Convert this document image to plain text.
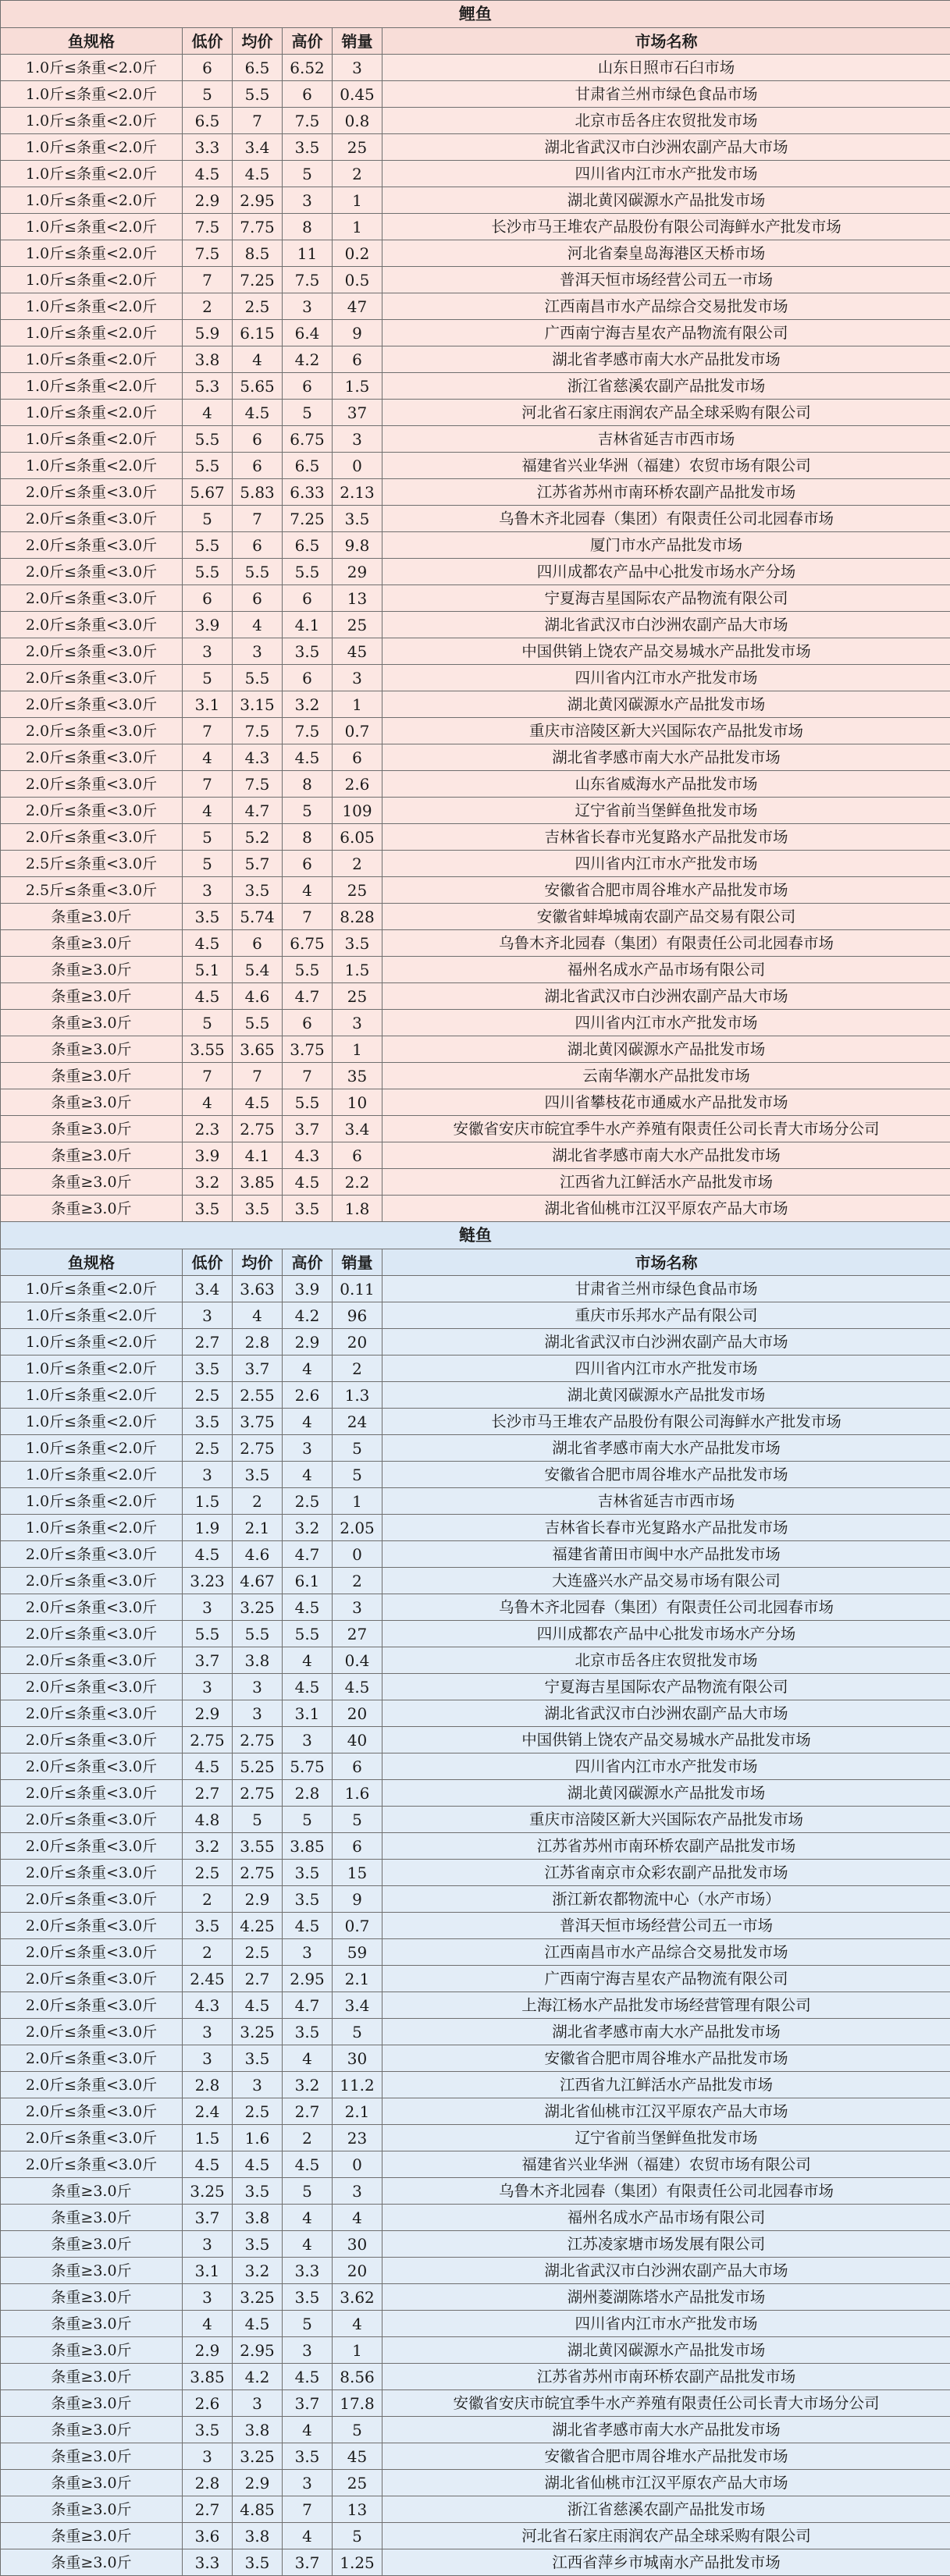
鲤鱼					
鱼规格	低价	均价	高价	销量	市场名称
1.0斤≤条重<2.0斤	6	6.5	6.52	3	山东日照市石臼市场
1.0斤≤条重<2.0斤	5	5.5	6	0.45	甘肃省兰州市绿色食品市场
1.0斤≤条重<2.0斤	6.5	7	7.5	0.8	北京市岳各庄农贸批发市场
1.0斤≤条重<2.0斤	3.3	3.4	3.5	25	湖北省武汉市白沙洲农副产品大市场
1.0斤≤条重<2.0斤	4.5	4.5	5	2	四川省内江市水产批发市场
1.0斤≤条重<2.0斤	2.9	2.95	3	1	湖北黄冈碳源水产品批发市场
1.0斤≤条重<2.0斤	7.5	7.75	8	1	长沙市马王堆农产品股份有限公司海鲜水产批发市场
1.0斤≤条重<2.0斤	7.5	8.5	11	0.2	河北省秦皇岛海港区天桥市场
1.0斤≤条重<2.0斤	7	7.25	7.5	0.5	普洱天恒市场经营公司五一市场
1.0斤≤条重<2.0斤	2	2.5	3	47	江西南昌市水产品综合交易批发市场
1.0斤≤条重<2.0斤	5.9	6.15	6.4	9	广西南宁海吉星农产品物流有限公司
1.0斤≤条重<2.0斤	3.8	4	4.2	6	湖北省孝感市南大水产品批发市场
1.0斤≤条重<2.0斤	5.3	5.65	6	1.5	浙江省慈溪农副产品批发市场
1.0斤≤条重<2.0斤	4	4.5	5	37	河北省石家庄雨润农产品全球采购有限公司
1.0斤≤条重<2.0斤	5.5	6	6.75	3	吉林省延吉市西市场
1.0斤≤条重<2.0斤	5.5	6	6.5	0	福建省兴业华洲（福建）农贸市场有限公司
2.0斤≤条重<3.0斤	5.67	5.83	6.33	2.13	江苏省苏州市南环桥农副产品批发市场
2.0斤≤条重<3.0斤	5	7	7.25	3.5	乌鲁木齐北园春（集团）有限责任公司北园春市场
2.0斤≤条重<3.0斤	5.5	6	6.5	9.8	厦门市水产品批发市场
2.0斤≤条重<3.0斤	5.5	5.5	5.5	29	四川成都农产品中心批发市场水产分场
2.0斤≤条重<3.0斤	6	6	6	13	宁夏海吉星国际农产品物流有限公司
2.0斤≤条重<3.0斤	3.9	4	4.1	25	湖北省武汉市白沙洲农副产品大市场
2.0斤≤条重<3.0斤	3	3	3.5	45	中国供销上饶农产品交易城水产品批发市场
2.0斤≤条重<3.0斤	5	5.5	6	3	四川省内江市水产批发市场
2.0斤≤条重<3.0斤	3.1	3.15	3.2	1	湖北黄冈碳源水产品批发市场
2.0斤≤条重<3.0斤	7	7.5	7.5	0.7	重庆市涪陵区新大兴国际农产品批发市场
2.0斤≤条重<3.0斤	4	4.3	4.5	6	湖北省孝感市南大水产品批发市场
2.0斤≤条重<3.0斤	7	7.5	8	2.6	山东省威海水产品批发市场
2.0斤≤条重<3.0斤	4	4.7	5	109	辽宁省前当堡鲜鱼批发市场
2.0斤≤条重<3.0斤	5	5.2	8	6.05	吉林省长春市光复路水产品批发市场
2.5斤≤条重<3.0斤	5	5.7	6	2	四川省内江市水产批发市场
2.5斤≤条重<3.0斤	3	3.5	4	25	安徽省合肥市周谷堆水产品批发市场
条重≥3.0斤	3.5	5.74	7	8.28	安徽省蚌埠城南农副产品交易有限公司
条重≥3.0斤	4.5	6	6.75	3.5	乌鲁木齐北园春（集团）有限责任公司北园春市场
条重≥3.0斤	5.1	5.4	5.5	1.5	福州名成水产品市场有限公司
条重≥3.0斤	4.5	4.6	4.7	25	湖北省武汉市白沙洲农副产品大市场
条重≥3.0斤	5	5.5	6	3	四川省内江市水产批发市场
条重≥3.0斤	3.55	3.65	3.75	1	湖北黄冈碳源水产品批发市场
条重≥3.0斤	7	7	7	35	云南华潮水产品批发市场
条重≥3.0斤	4	4.5	5.5	10	四川省攀枝花市通威水产品批发市场
条重≥3.0斤	2.3	2.75	3.7	3.4	安徽省安庆市皖宜季牛水产养殖有限责任公司长青大市场分公司
条重≥3.0斤	3.9	4.1	4.3	6	湖北省孝感市南大水产品批发市场
条重≥3.0斤	3.2	3.85	4.5	2.2	江西省九江鲜活水产品批发市场
条重≥3.0斤	3.5	3.5	3.5	1.8	湖北省仙桃市江汉平原农产品大市场
鲢鱼					
鱼规格	低价	均价	高价	销量	市场名称
1.0斤≤条重<2.0斤	3.4	3.63	3.9	0.11	甘肃省兰州市绿色食品市场
1.0斤≤条重<2.0斤	3	4	4.2	96	重庆市乐邦水产品有限公司
1.0斤≤条重<2.0斤	2.7	2.8	2.9	20	湖北省武汉市白沙洲农副产品大市场
1.0斤≤条重<2.0斤	3.5	3.7	4	2	四川省内江市水产批发市场
1.0斤≤条重<2.0斤	2.5	2.55	2.6	1.3	湖北黄冈碳源水产品批发市场
1.0斤≤条重<2.0斤	3.5	3.75	4	24	长沙市马王堆农产品股份有限公司海鲜水产批发市场
1.0斤≤条重<2.0斤	2.5	2.75	3	5	湖北省孝感市南大水产品批发市场
1.0斤≤条重<2.0斤	3	3.5	4	5	安徽省合肥市周谷堆水产品批发市场
1.0斤≤条重<2.0斤	1.5	2	2.5	1	吉林省延吉市西市场
1.0斤≤条重<2.0斤	1.9	2.1	3.2	2.05	吉林省长春市光复路水产品批发市场
2.0斤≤条重<3.0斤	4.5	4.6	4.7	0	福建省莆田市闽中水产品批发市场
2.0斤≤条重<3.0斤	3.23	4.67	6.1	2	大连盛兴水产品交易市场有限公司
2.0斤≤条重<3.0斤	3	3.25	4.5	3	乌鲁木齐北园春（集团）有限责任公司北园春市场
2.0斤≤条重<3.0斤	5.5	5.5	5.5	27	四川成都农产品中心批发市场水产分场
2.0斤≤条重<3.0斤	3.7	3.8	4	0.4	北京市岳各庄农贸批发市场
2.0斤≤条重<3.0斤	3	3	4.5	4.5	宁夏海吉星国际农产品物流有限公司
2.0斤≤条重<3.0斤	2.9	3	3.1	20	湖北省武汉市白沙洲农副产品大市场
2.0斤≤条重<3.0斤	2.75	2.75	3	40	中国供销上饶农产品交易城水产品批发市场
2.0斤≤条重<3.0斤	4.5	5.25	5.75	6	四川省内江市水产批发市场
2.0斤≤条重<3.0斤	2.7	2.75	2.8	1.6	湖北黄冈碳源水产品批发市场
2.0斤≤条重<3.0斤	4.8	5	5	5	重庆市涪陵区新大兴国际农产品批发市场
2.0斤≤条重<3.0斤	3.2	3.55	3.85	6	江苏省苏州市南环桥农副产品批发市场
2.0斤≤条重<3.0斤	2.5	2.75	3.5	15	江苏省南京市众彩农副产品批发市场
2.0斤≤条重<3.0斤	2	2.9	3.5	9	浙江新农都物流中心（水产市场）
2.0斤≤条重<3.0斤	3.5	4.25	4.5	0.7	普洱天恒市场经营公司五一市场
2.0斤≤条重<3.0斤	2	2.5	3	59	江西南昌市水产品综合交易批发市场
2.0斤≤条重<3.0斤	2.45	2.7	2.95	2.1	广西南宁海吉星农产品物流有限公司
2.0斤≤条重<3.0斤	4.3	4.5	4.7	3.4	上海江杨水产品批发市场经营管理有限公司
2.0斤≤条重<3.0斤	3	3.25	3.5	5	湖北省孝感市南大水产品批发市场
2.0斤≤条重<3.0斤	3	3.5	4	30	安徽省合肥市周谷堆水产品批发市场
2.0斤≤条重<3.0斤	2.8	3	3.2	11.2	江西省九江鲜活水产品批发市场
2.0斤≤条重<3.0斤	2.4	2.5	2.7	2.1	湖北省仙桃市江汉平原农产品大市场
2.0斤≤条重<3.0斤	1.5	1.6	2	23	辽宁省前当堡鲜鱼批发市场
2.0斤≤条重<3.0斤	4.5	4.5	4.5	0	福建省兴业华洲（福建）农贸市场有限公司
条重≥3.0斤	3.25	3.5	5	3	乌鲁木齐北园春（集团）有限责任公司北园春市场
条重≥3.0斤	3.7	3.8	4	4	福州名成水产品市场有限公司
条重≥3.0斤	3	3.5	4	30	江苏凌家塘市场发展有限公司
条重≥3.0斤	3.1	3.2	3.3	20	湖北省武汉市白沙洲农副产品大市场
条重≥3.0斤	3	3.25	3.5	3.62	湖州菱湖陈塔水产品批发市场
条重≥3.0斤	4	4.5	5	4	四川省内江市水产批发市场
条重≥3.0斤	2.9	2.95	3	1	湖北黄冈碳源水产品批发市场
条重≥3.0斤	3.85	4.2	4.5	8.56	江苏省苏州市南环桥农副产品批发市场
条重≥3.0斤	2.6	3	3.7	17.8	安徽省安庆市皖宜季牛水产养殖有限责任公司长青大市场分公司
条重≥3.0斤	3.5	3.8	4	5	湖北省孝感市南大水产品批发市场
条重≥3.0斤	3	3.25	3.5	45	安徽省合肥市周谷堆水产品批发市场
条重≥3.0斤	2.8	2.9	3	25	湖北省仙桃市江汉平原农产品大市场
条重≥3.0斤	2.7	4.85	7	13	浙江省慈溪农副产品批发市场
条重≥3.0斤	3.6	3.8	4	5	河北省石家庄雨润农产品全球采购有限公司
条重≥3.0斤	3.3	3.5	3.7	1.25	江西省萍乡市城南水产品批发市场
